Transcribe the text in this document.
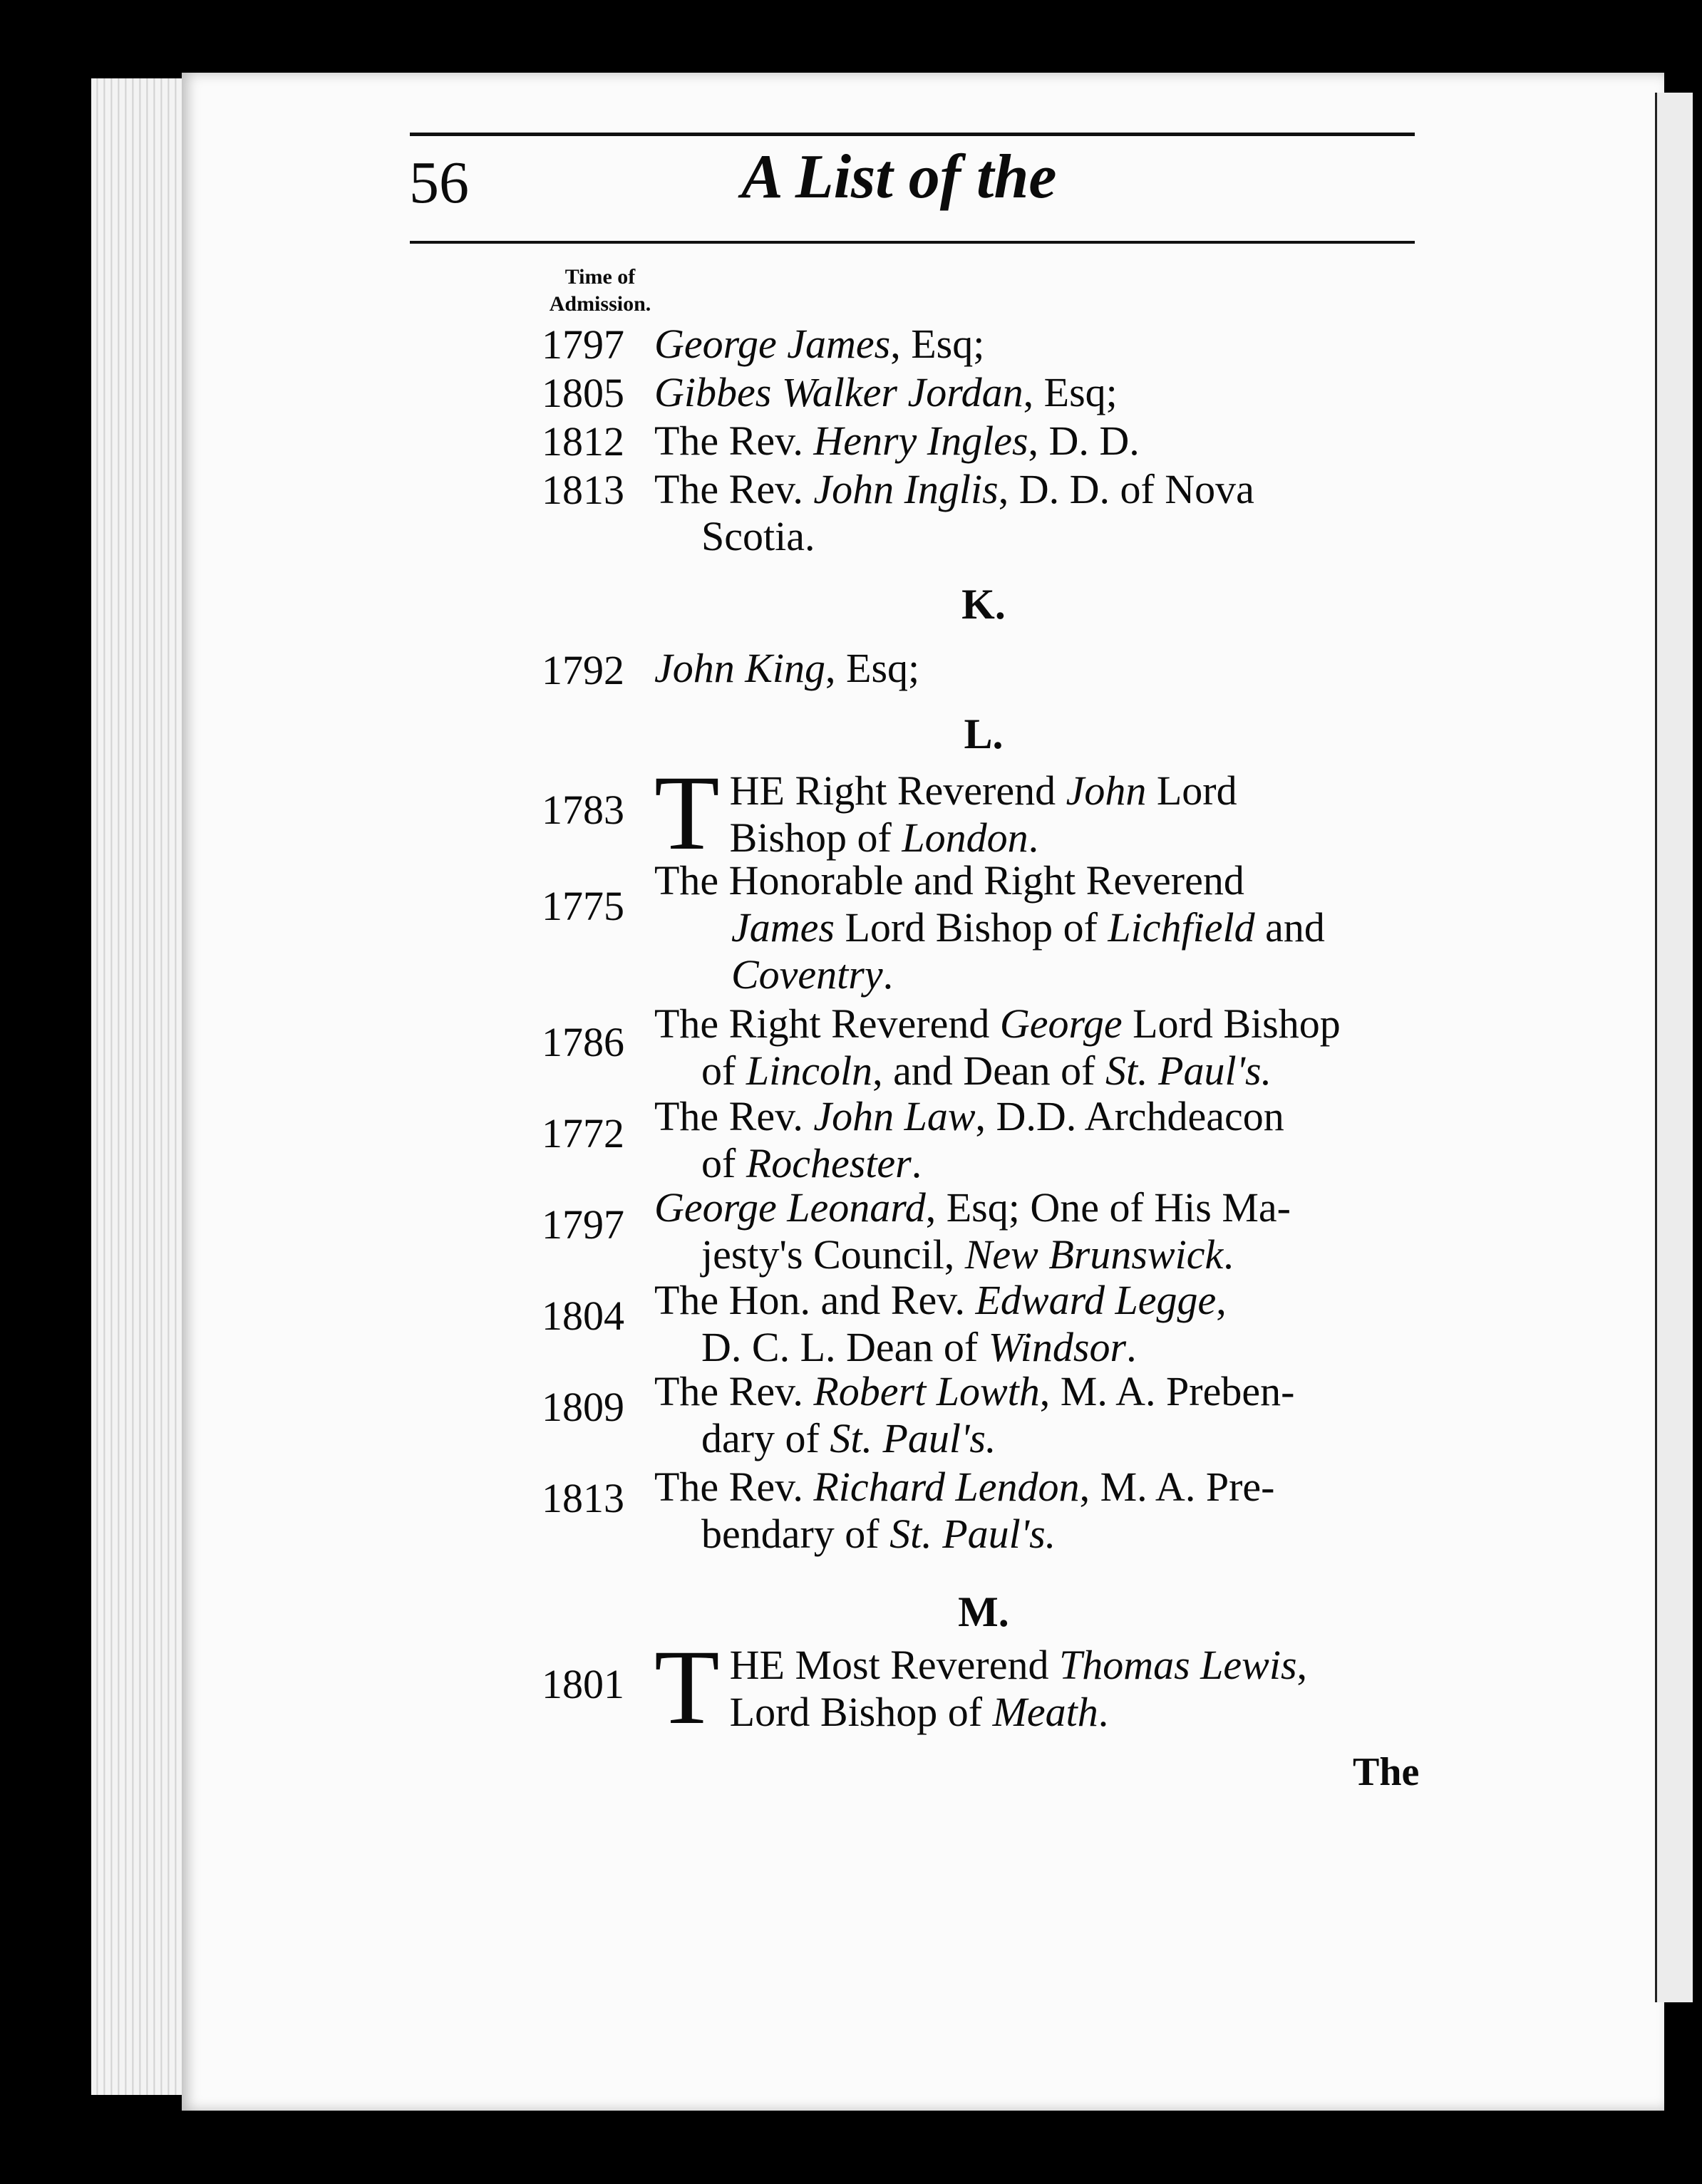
56	A List of the
Time of
Admission.
1797 George James, Esq;
1805 Gibbes Walker Jordan, Esq;
1812 The Rev. Henry Ingles, D. D.
1813 The Rev. John Inglis, D. D. of Nova
Scotia.
K.
1792 John King, Esq;
L.
1783 THE Right Reverend John Lord
Bishop of London.
1775
The Honorable and Right Reverend
James Lord Bishop of Lichfield and
Coventry.
1786 The Right Reverend George Lord Bishop
of Lincoln, and Dean of St. Paul's.
1772 The Rev. John Law, D.D. Archdeacon
of Rochester.
1797 George Leonard, Esq; One of His Ma-
jesty's Council, New Brunswick.
1804 The Hon. and Rev. Edward Legge,
D. C. L. Dean of Windsor.
1809 The Rev. Robert Lowth, M. A. Preben-
dary of St. Paul's.
1813 The Rev. Richard Lendon, M. A. Pre-
bendary of St. Paul's.
M.
1801 THE Most Reverend Thomas Lewis,
Lord Bishop of Meath.
The
